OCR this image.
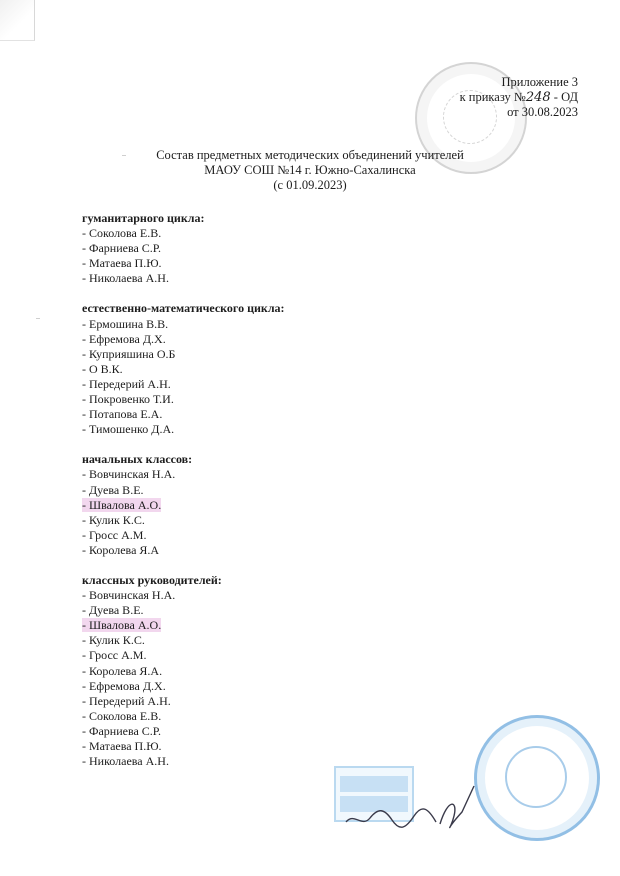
Приложение 3
к приказу №248 - ОД
от 30.08.2023
Состав предметных методических объединений учителей
МАОУ СОШ №14 г. Южно-Сахалинска
(с 01.09.2023)
гуманитарного цикла:
- Соколова Е.В.
- Фарниева С.Р.
- Матаева П.Ю.
- Николаева А.Н.
естественно-математического цикла:
- Ермошина В.В.
- Ефремова Д.Х.
- Куприяшина О.Б
- О В.К.
- Передерий А.Н.
- Покровенко Т.И.
- Потапова Е.А.
- Тимошенко Д.А.
начальных классов:
- Вовчинская Н.А.
- Дуева В.Е.
- Швалова А.О.
- Кулик К.С.
- Гросс А.М.
- Королева Я.А
классных руководителей:
- Вовчинская Н.А.
- Дуева В.Е.
- Швалова А.О.
- Кулик К.С.
- Гросс А.М.
- Королева Я.А.
- Ефремова Д.Х.
- Передерий А.Н.
- Соколова Е.В.
- Фарниева С.Р.
- Матаева П.Ю.
- Николаева А.Н.
